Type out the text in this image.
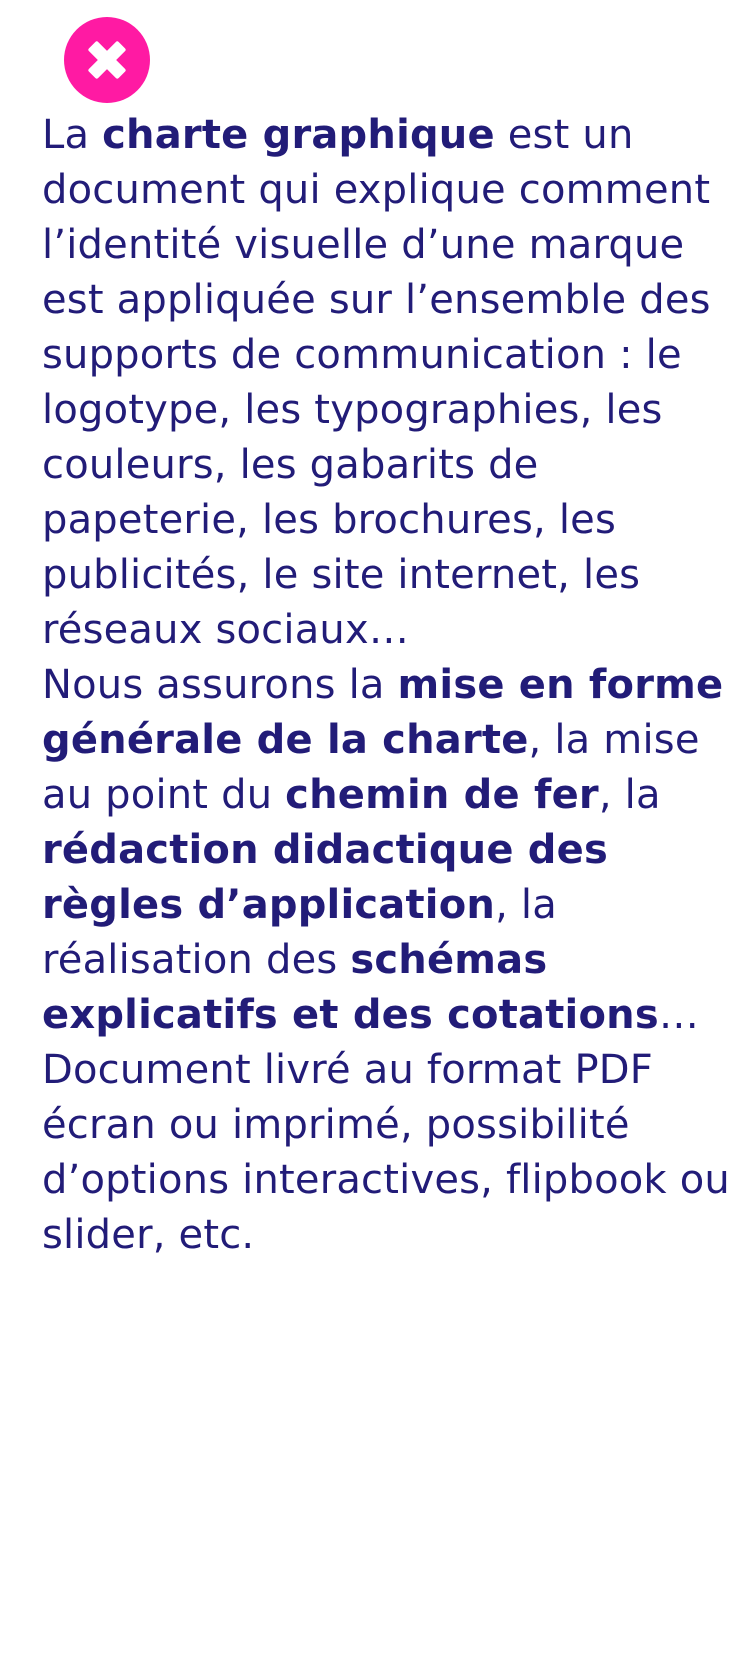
La charte graphique est un document qui explique comment l’identité visuelle d’une marque est appliquée sur l’ensemble des supports de communication : le logotype, les typographies, les couleurs, les gabarits de papeterie, les brochures, les publicités, le site internet, les réseaux sociaux…

Nous assurons la mise en forme générale de la charte, la mise au point du chemin de fer, la rédaction didactique des règles d’application, la réalisation des schémas explicatifs et des cotations…

Document livré au format PDF écran ou imprimé, possibilité d’options interactives, flipbook ou slider, etc.
